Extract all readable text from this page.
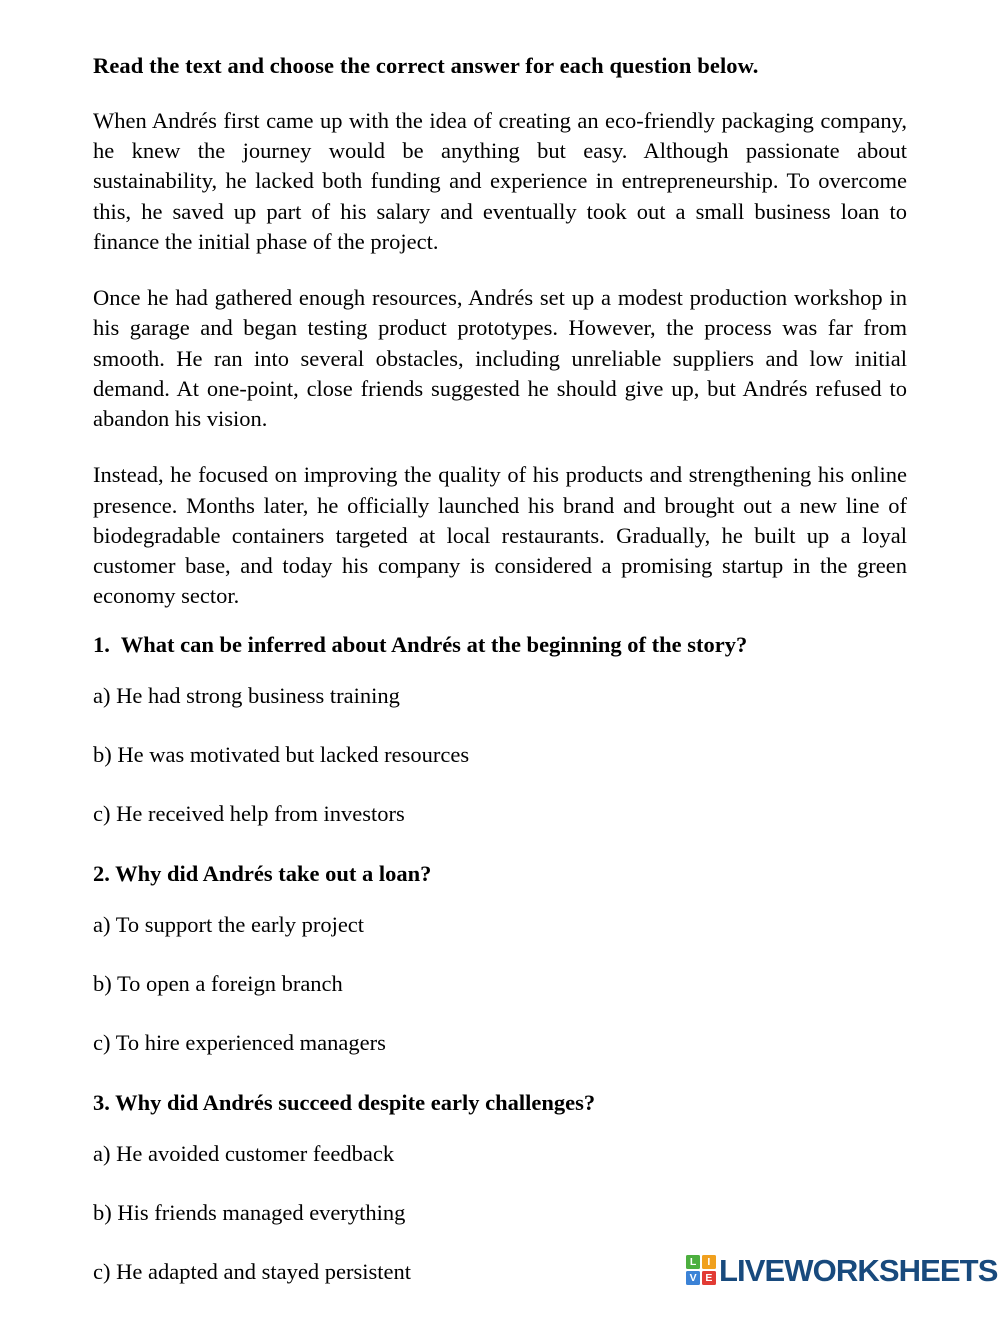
Read the text and choose the correct answer for each question below.

When Andrés first came up with the idea of creating an eco-friendly packaging company, he knew the journey would be anything but easy. Although passionate about sustainability, he lacked both funding and experience in entrepreneurship. To overcome this, he saved up part of his salary and eventually took out a small business loan to finance the initial phase of the project.

Once he had gathered enough resources, Andrés set up a modest production workshop in his garage and began testing product prototypes. However, the process was far from smooth. He ran into several obstacles, including unreliable suppliers and low initial demand. At one-point, close friends suggested he should give up, but Andrés refused to abandon his vision.

Instead, he focused on improving the quality of his products and strengthening his online presence. Months later, he officially launched his brand and brought out a new line of biodegradable containers targeted at local restaurants. Gradually, he built up a loyal customer base, and today his company is considered a promising startup in the green economy sector.

1.  What can be inferred about Andrés at the beginning of the story?

a) He had strong business training

b) He was motivated but lacked resources

c) He received help from investors

2. Why did Andrés take out a loan?

a) To support the early project

b) To open a foreign branch

c) To hire experienced managers

3. Why did Andrés succeed despite early challenges?

a) He avoided customer feedback

b) His friends managed everything

c) He adapted and stayed persistent	L	I
V E LIVEWORKSHEETS
